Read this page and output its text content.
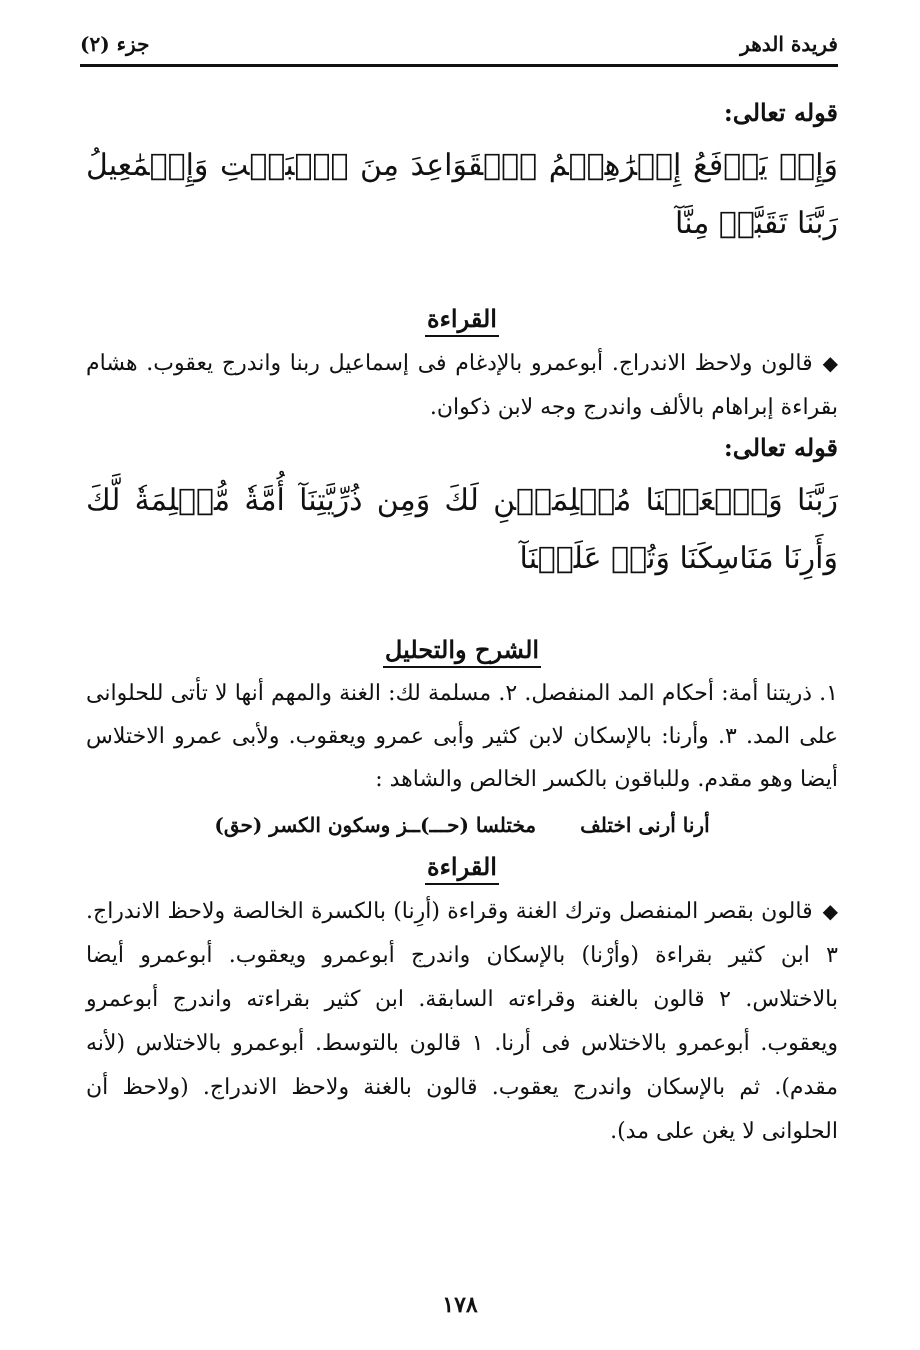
فريدة الدهر
جزء (٢)

قوله تعالى:

وَإِذۡ يَرۡفَعُ إِبۡرَٰهِـۧمُ ٱلۡقَوَاعِدَ مِنَ ٱلۡبَيۡتِ وَإِسۡمَٰعِيلُ رَبَّنَا تَقَبَّلۡ مِنَّآ

القراءة

◆قالون ولاحظ الاندراج. أبوعمرو بالإدغام فى إسماعيل ربنا واندرج يعقوب. هشام بقراءة إبراهام بالألف واندرج وجه لابن ذكوان.

قوله تعالى:

رَبَّنَا وَٱجۡعَلۡنَا مُسۡلِمَيۡنِ لَكَ وَمِن ذُرِّيَّتِنَآ أُمَّةٗ مُّسۡلِمَةٗ لَّكَ وَأَرِنَا مَنَاسِكَنَا وَتُبۡ عَلَيۡنَآ

الشرح والتحليل

١. ذريتنا أمة: أحكام المد المنفصل. ٢. مسلمة لك: الغنة والمهم أنها لا تأتى للحلوانى على المد. ٣. وأرنا: بالإسكان لابن كثير وأبى عمرو ويعقوب. ولأبى عمرو الاختلاس أيضا وهو مقدم. وللباقون بالكسر الخالص والشاهد :

أرنا أرنى اختلف
مختلسا (حـــ)ــز وسكون الكسر (حق)

القراءة

◆قالون بقصر المنفصل وترك الغنة وقراءة (أرِنا) بالكسرة الخالصة ولاحظ الاندراج. ٣ ابن كثير بقراءة (وأرْنا) بالإسكان واندرج أبوعمرو ويعقوب. أبوعمرو أيضا بالاختلاس. ٢ قالون بالغنة وقراءته السابقة. ابن كثير بقراءته واندرج أبوعمرو ويعقوب. أبوعمرو بالاختلاس فى أرنا. ١ قالون بالتوسط. أبوعمرو بالاختلاس (لأنه مقدم). ثم بالإسكان واندرج يعقوب. قالون بالغنة ولاحظ الاندراج. (ولاحظ أن الحلوانى لا يغن على مد).

١٧٨
